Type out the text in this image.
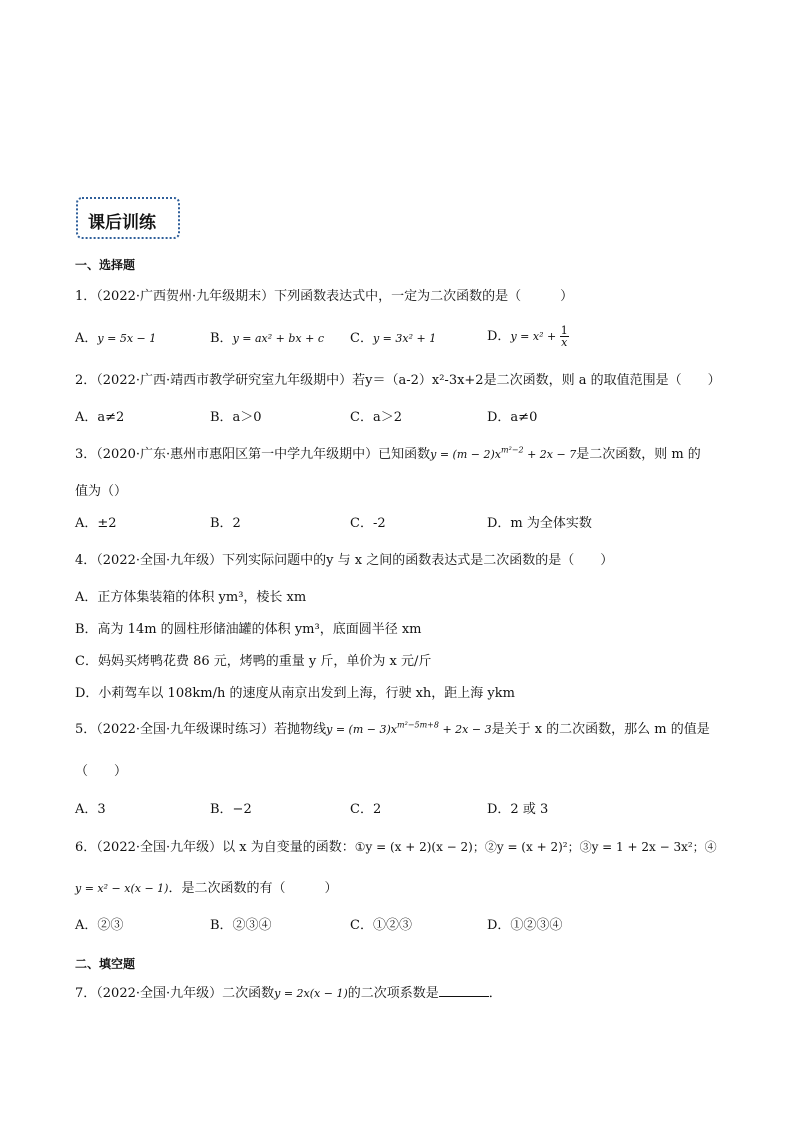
课后训练
一、选择题
1．（2022·广西贺州·九年级期末）下列函数表达式中，一定为二次函数的是（　　　）
A．y = 5x − 1	B．y = ax² + bx + c C．y = 3x² + 1	D．$y = x^2 + \frac{1}{x}$
2．（2022·广西·靖西市教学研究室九年级期中）若y＝（a-2）x²-3x+2是二次函数，则 a 的取值范围是（　　）
A．a≠2	B．a＞0	C．a＞2	D．a≠0
3．（2020·广东·惠州市惠阳区第一中学九年级期中）已知函数$y = (m - 2)x^{m^2-2} + 2x - 7$是二次函数，则 m 的
值为（）
A．±2	B．2	C．-2	D．m 为全体实数
4．（2022·全国·九年级）下列实际问题中的y 与 x 之间的函数表达式是二次函数的是（　　）
A．正方体集装箱的体积 ym³，棱长 xm
B．高为 14m 的圆柱形储油罐的体积 ym³，底面圆半径 xm
C．妈妈买烤鸭花费 86 元，烤鸭的重量 y 斤，单价为 x 元/斤
D．小莉驾车以 108km/h 的速度从南京出发到上海，行驶 xh，距上海 ykm
5．（2022·全国·九年级课时练习）若抛物线$y = (m - 3)x^{m^2-5m+8} + 2x - 3$是关于 x 的二次函数，那么 m 的值是
（　　）
A．3	B．−2	C．2	D．2 或 3
6．（2022·全国·九年级）以 x 为自变量的函数：①y = (x + 2)(x − 2)；②y = (x + 2)²；③y = 1 + 2x − 3x²；④
y = x² − x(x − 1)．是二次函数的有（　　　）
A．②③	B．②③④	C．①②③	D．①②③④
二、填空题
7．（2022·全国·九年级）二次函数y = 2x(x − 1)的二次项系数是	．
